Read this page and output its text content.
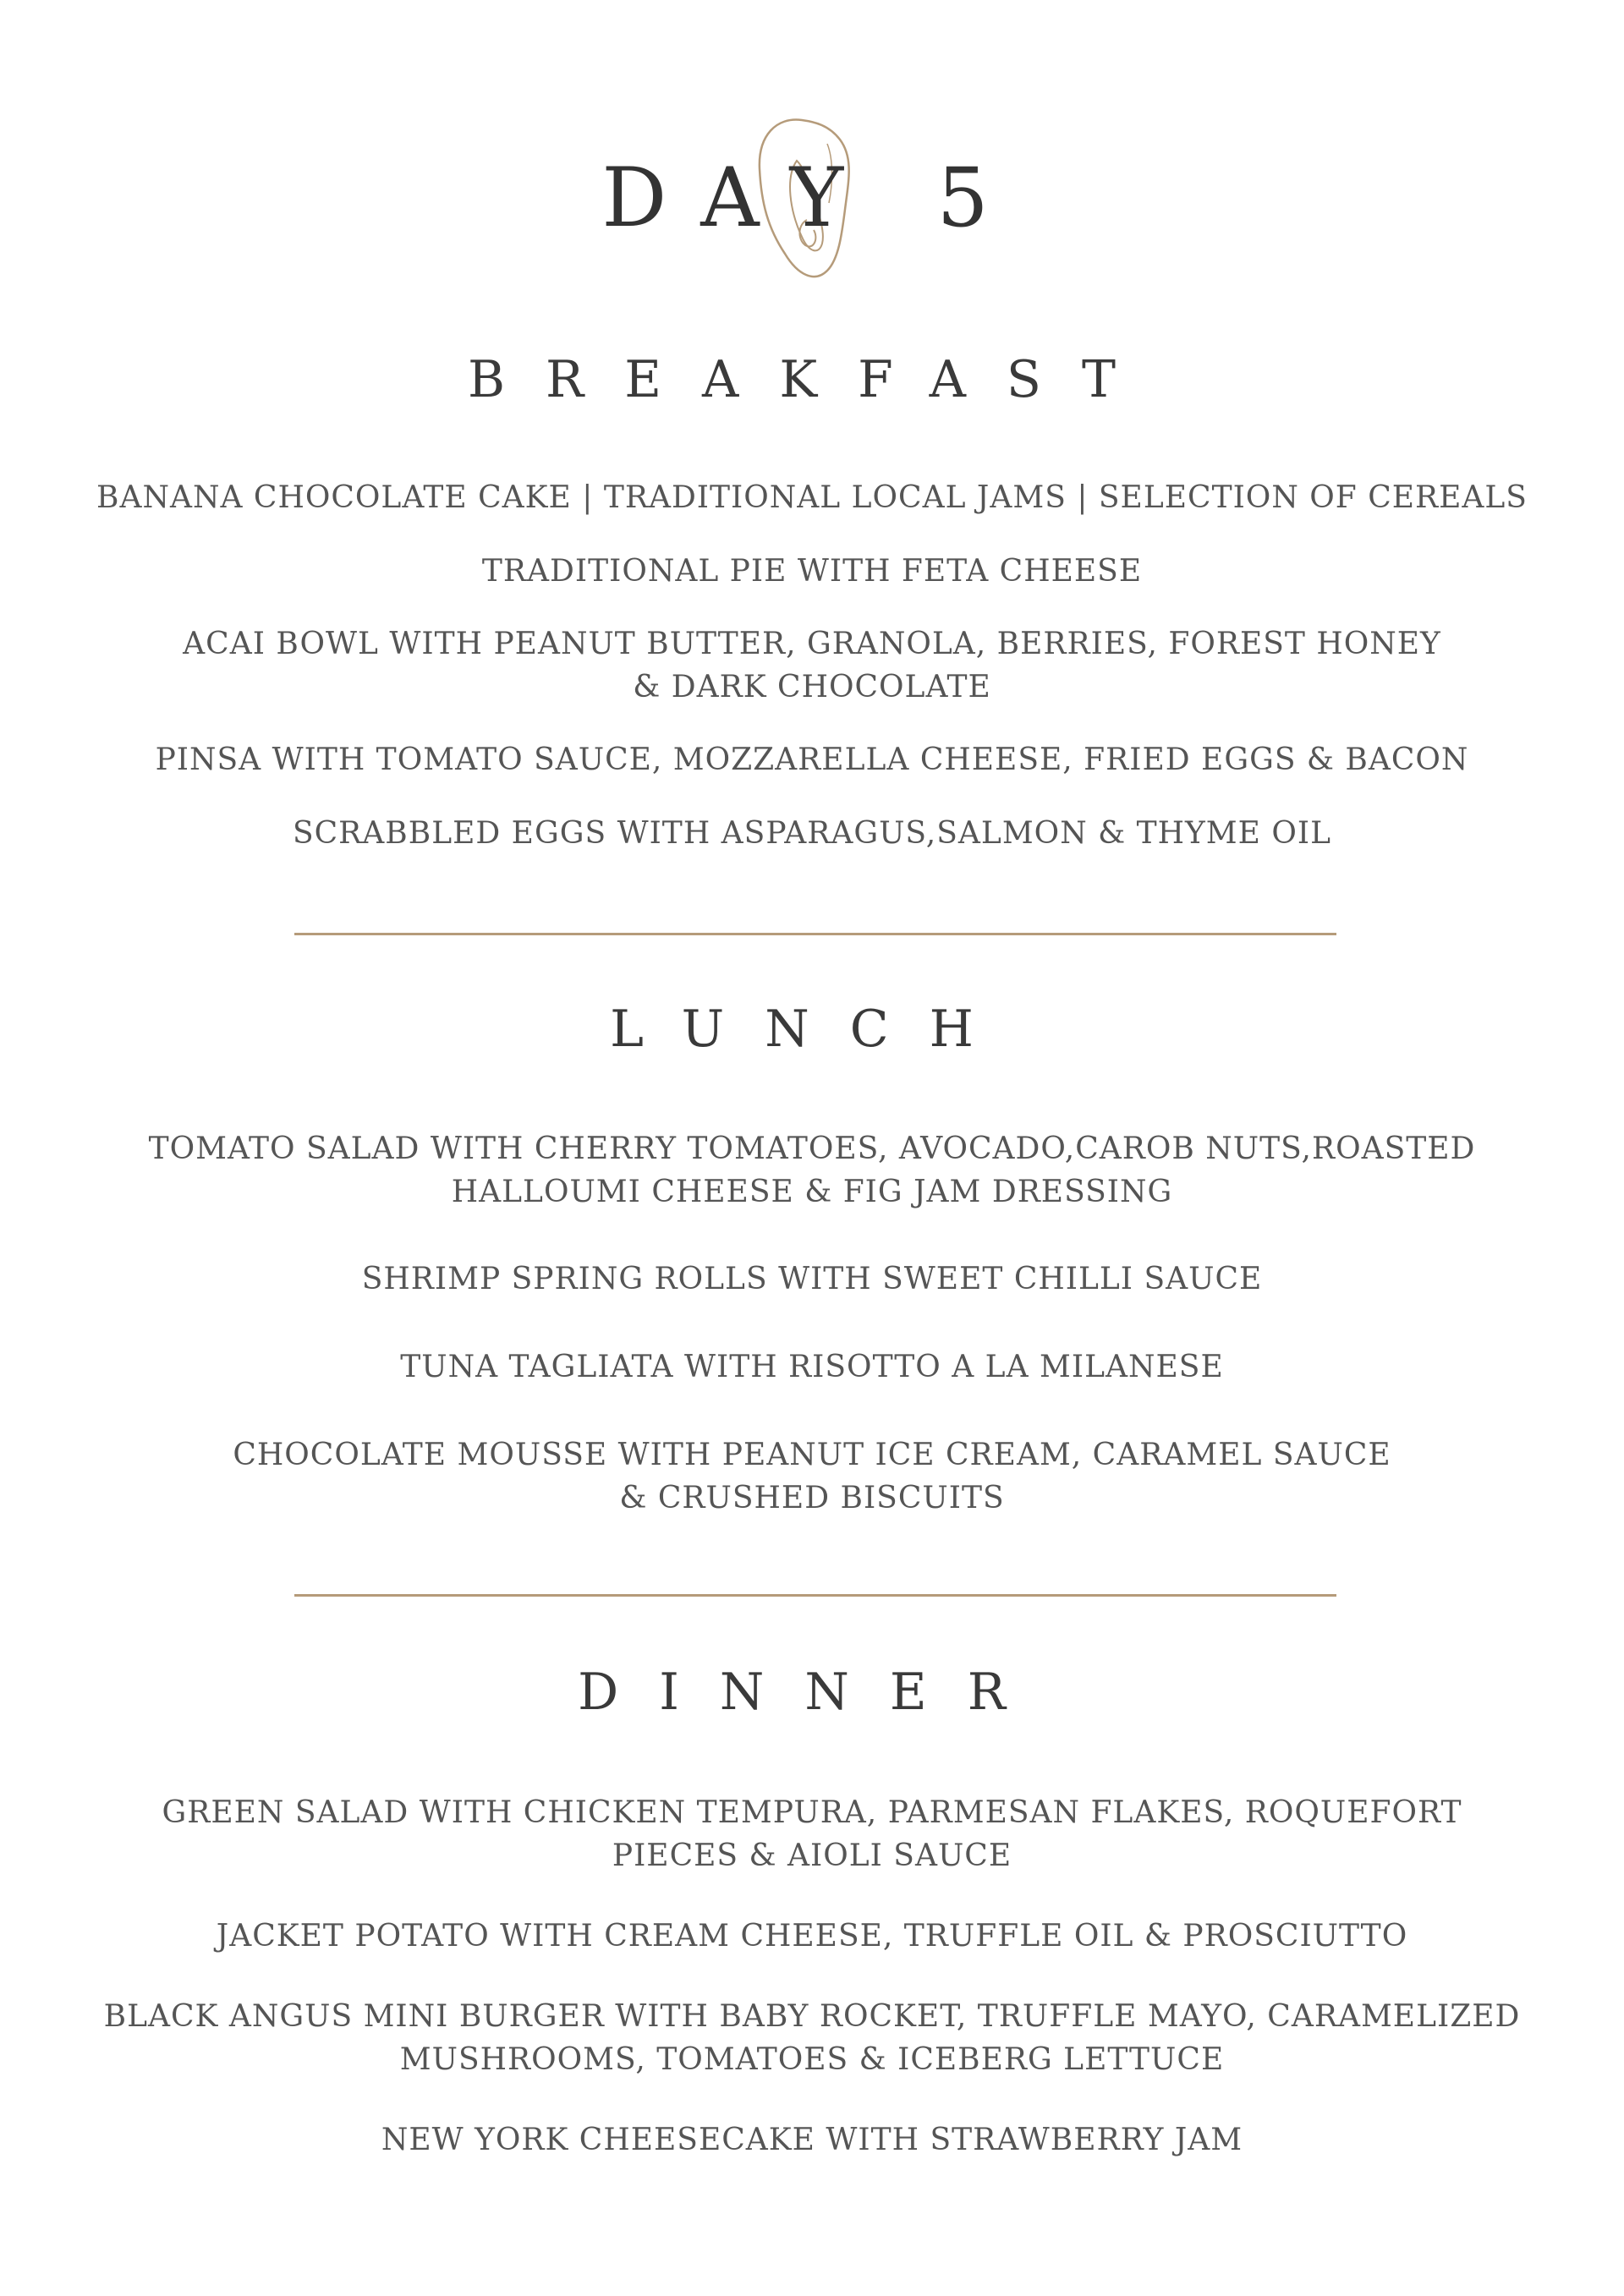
DAY 5
BREAKFAST
BANANA CHOCOLATE CAKE | TRADITIONAL LOCAL JAMS | SELECTION OF CEREALS
TRADITIONAL PIE WITH FETA CHEESE
ACAI BOWL WITH PEANUT BUTTER, GRANOLA, BERRIES, FOREST HONEY
& DARK CHOCOLATE
PINSA WITH TOMATO SAUCE, MOZZARELLA CHEESE, FRIED EGGS & BACON
SCRABBLED EGGS WITH ASPARAGUS,SALMON & THYME OIL
LUNCH
TOMATO SALAD WITH CHERRY TOMATOES, AVOCADO,CAROB NUTS,ROASTED
HALLOUMI CHEESE & FIG JAM DRESSING
SHRIMP SPRING ROLLS WITH SWEET CHILLI SAUCE
TUNA TAGLIATA WITH RISOTTO A LA MILANESE
CHOCOLATE MOUSSE WITH PEANUT ICE CREAM, CARAMEL SAUCE
& CRUSHED BISCUITS
DINNER
GREEN SALAD WITH CHICKEN TEMPURA, PARMESAN FLAKES, ROQUEFORT
PIECES & AIOLI SAUCE
JACKET POTATO WITH CREAM CHEESE, TRUFFLE OIL & PROSCIUTTO
BLACK ANGUS MINI BURGER WITH BABY ROCKET, TRUFFLE MAYO, CARAMELIZED
MUSHROOMS, TOMATOES & ICEBERG LETTUCE
NEW YORK CHEESECAKE WITH STRAWBERRY JAM
